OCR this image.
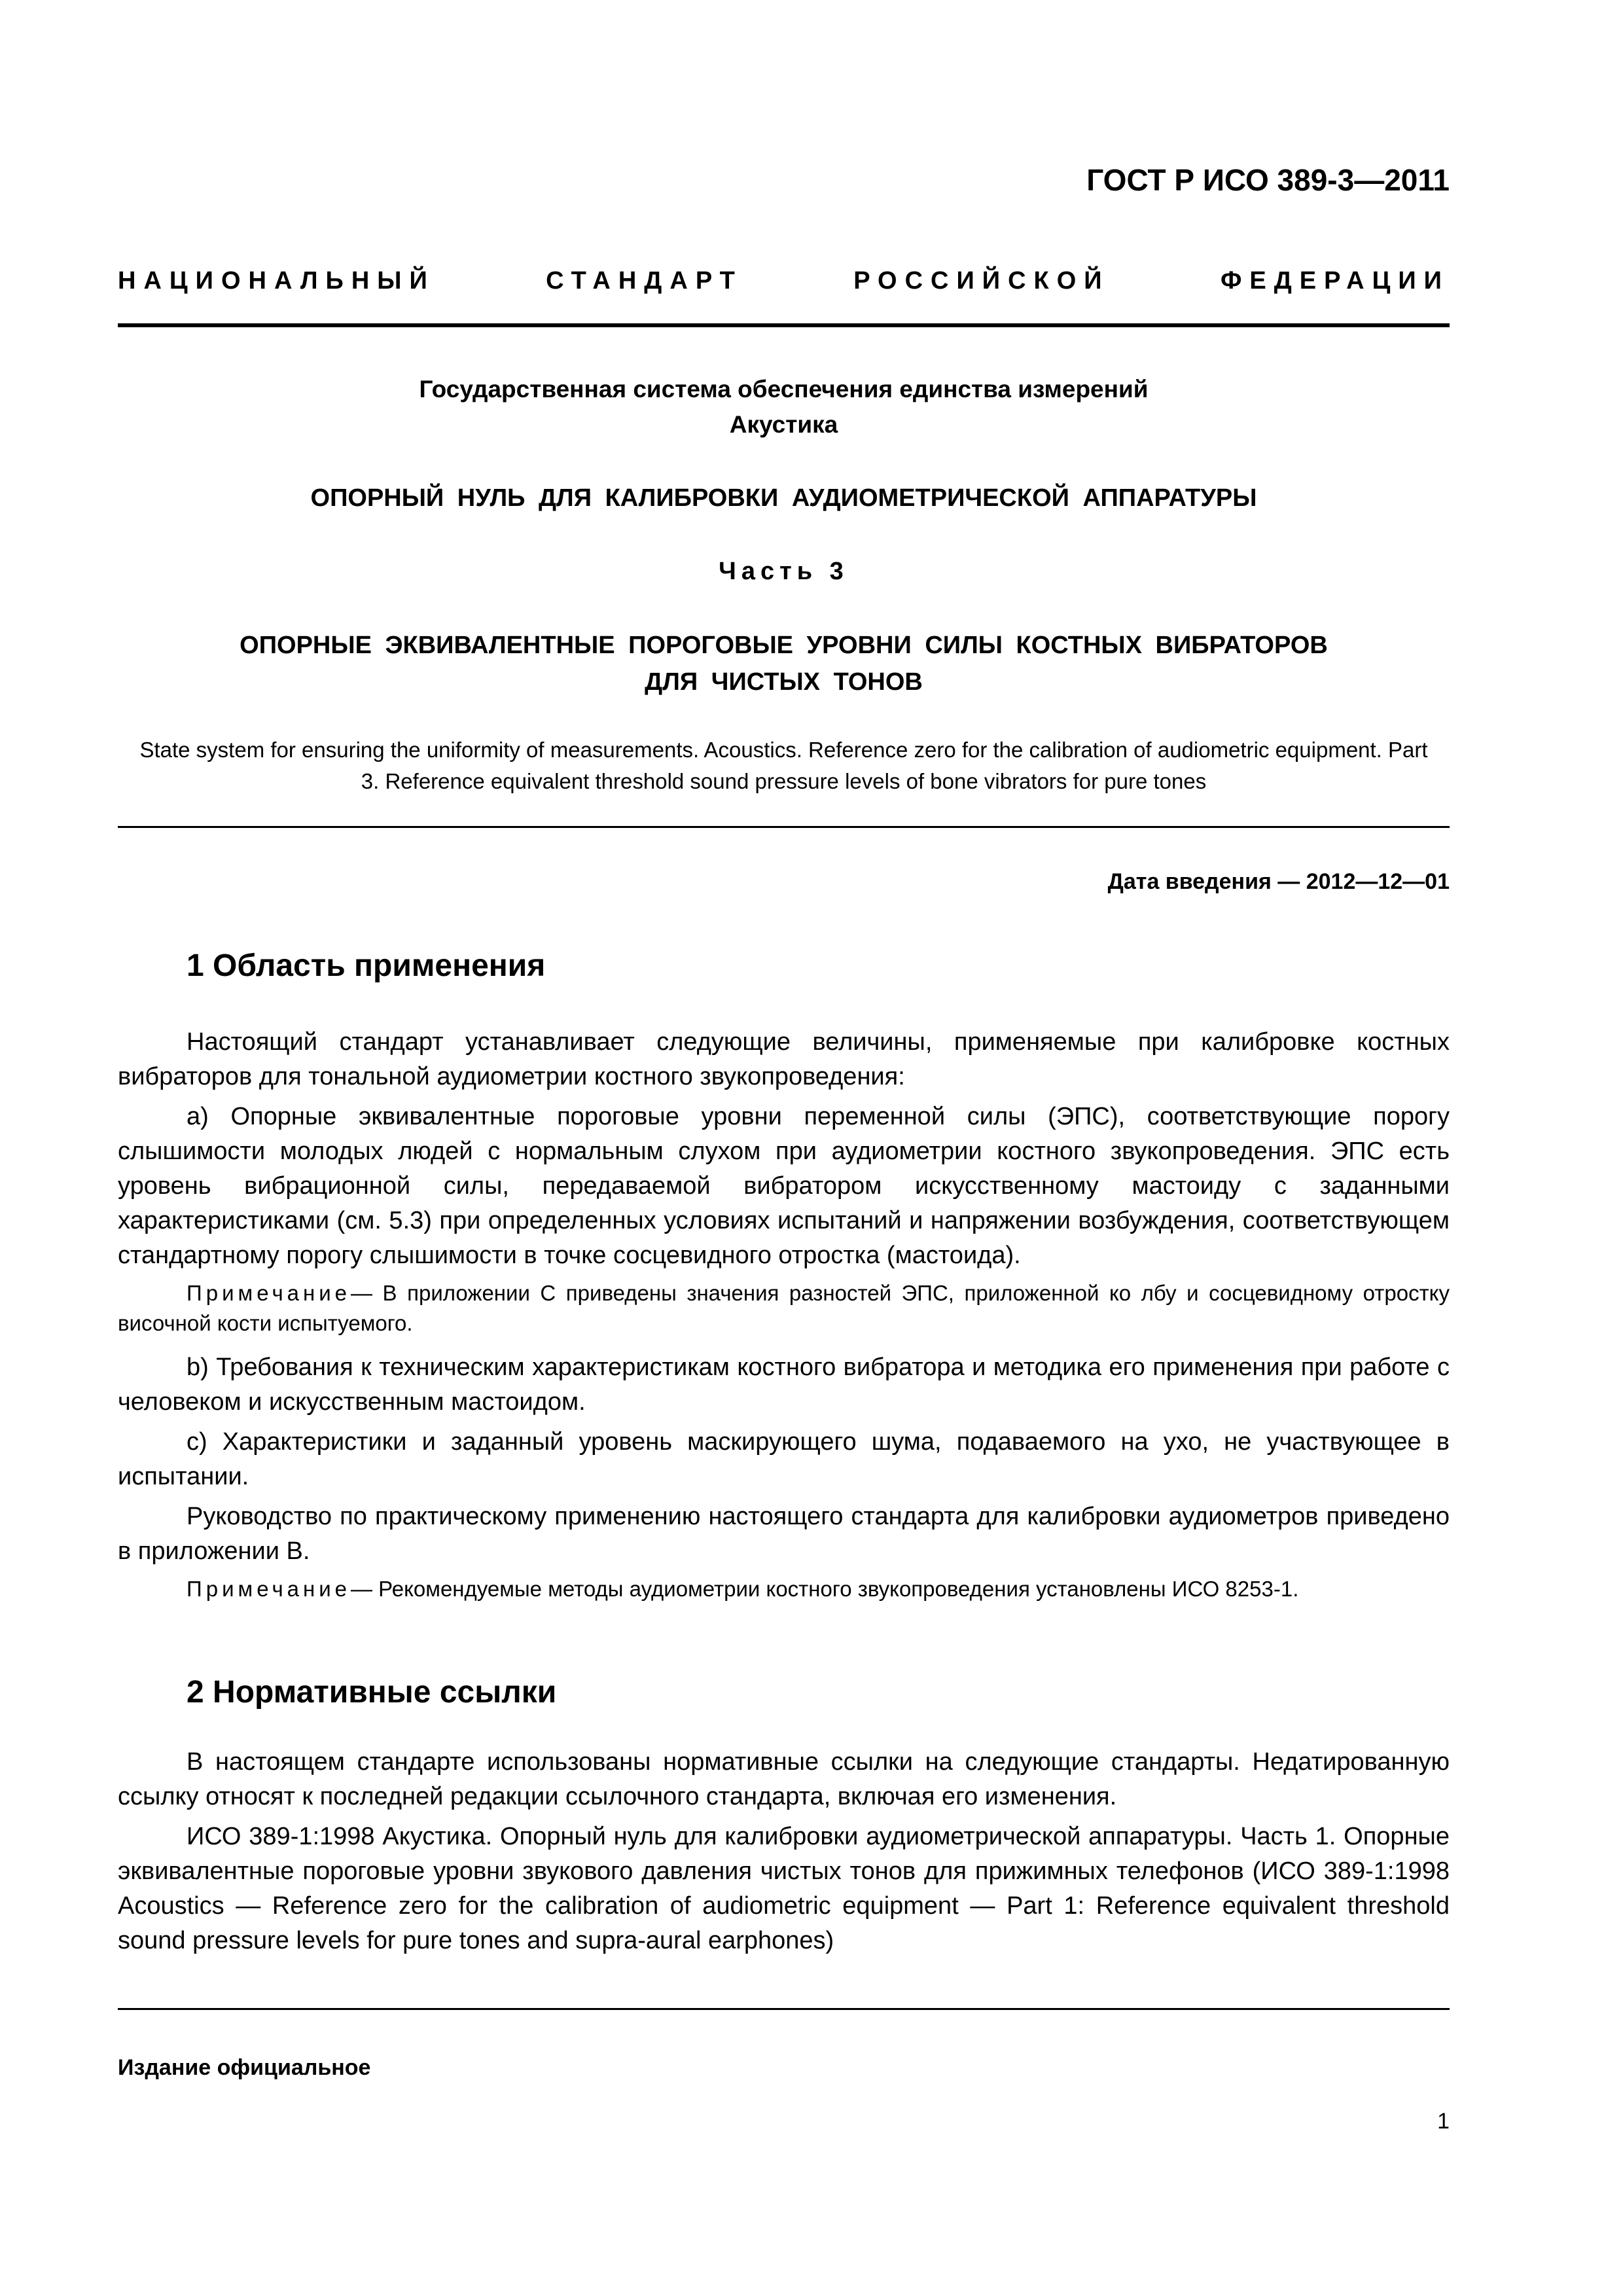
ГОСТ Р ИСО 389-3—2011
НАЦИОНАЛЬНЫЙ	СТАНДАРТ	РОССИЙСКОЙ	ФЕДЕРАЦИИ
Государственная система обеспечения единства измерений
Акустика
ОПОРНЫЙ НУЛЬ ДЛЯ КАЛИБРОВКИ АУДИОМЕТРИЧЕСКОЙ АППАРАТУРЫ
Часть 3
ОПОРНЫЕ ЭКВИВАЛЕНТНЫЕ ПОРОГОВЫЕ УРОВНИ СИЛЫ КОСТНЫХ ВИБРАТОРОВ
ДЛЯ ЧИСТЫХ ТОНОВ
State system for ensuring the uniformity of measurements. Acoustics. Reference zero for the calibration of audiometric equipment. Part 3. Reference equivalent threshold sound pressure levels of bone vibrators for pure tones
Дата введения — 2012—12—01
1 Область применения

Настоящий стандарт устанавливает следующие величины, применяемые при калибровке костных вибраторов для тональной аудиометрии костного звукопроведения:

а) Опорные эквивалентные пороговые уровни переменной силы (ЭПС), соответствующие порогу слышимости молодых людей с нормальным слухом при аудиометрии костного звукопроведения. ЭПС есть уровень вибрационной силы, передаваемой вибратором искусственному мастоиду с заданными характеристиками (см. 5.3) при определенных условиях испытаний и напряжении возбуждения, соответствующем стандартному порогу слышимости в точке сосцевидного отростка (мастоида).

Примечание— В приложении С приведены значения разностей ЭПС, приложенной ко лбу и сосцевидному отростку височной кости испытуемого.

b) Требования к техническим характеристикам костного вибратора и методика его применения при работе с человеком и искусственным мастоидом.

c) Характеристики и заданный уровень маскирующего шума, подаваемого на ухо, не участвующее в испытании.

Руководство по практическому применению настоящего стандарта для калибровки аудиометров приведено в приложении В.

Примечание— Рекомендуемые методы аудиометрии костного звукопроведения установлены ИСО 8253-1.

2 Нормативные ссылки

В настоящем стандарте использованы нормативные ссылки на следующие стандарты. Недатированную ссылку относят к последней редакции ссылочного стандарта, включая его изменения.

ИСО 389-1:1998 Акустика. Опорный нуль для калибровки аудиометрической аппаратуры. Часть 1. Опорные эквивалентные пороговые уровни звукового давления чистых тонов для прижимных телефонов (ИСО 389-1:1998 Acoustics — Reference zero for the calibration of audiometric equipment — Part 1: Reference equivalent threshold sound pressure levels for pure tones and supra-aural earphones)

Издание официальное
1
